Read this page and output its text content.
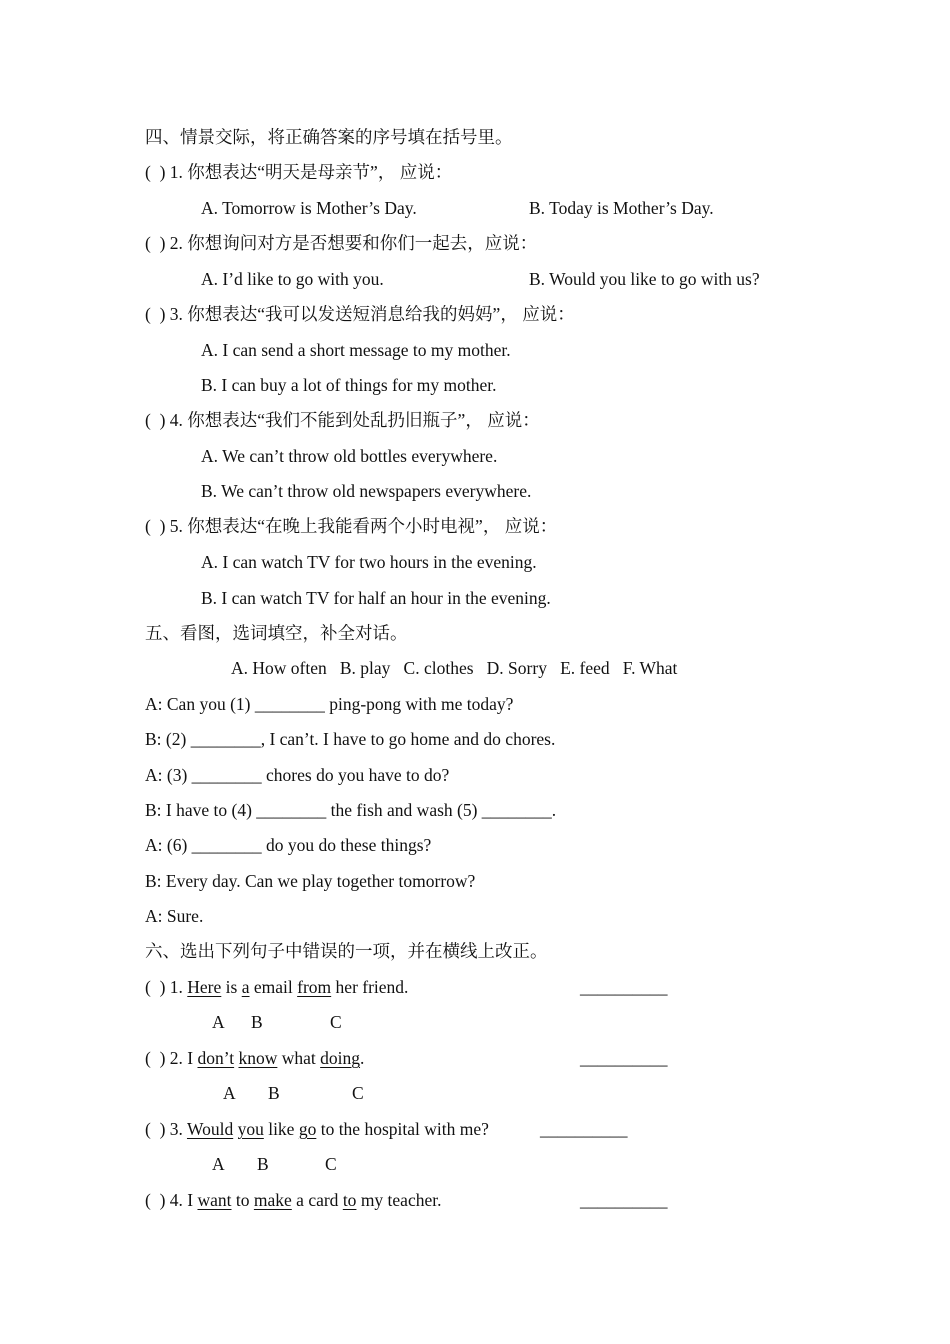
四、情景交际，将正确答案的序号填在括号里。
(  ) 1. 你想表达“明天是母亲节”， 应说：
A. Tomorrow is Mother’s Day.	B. Today is Mother’s Day.
(  ) 2. 你想询问对方是否想要和你们一起去，应说：
A. I’d like to go with you.	B. Would you like to go with us?
(  ) 3. 你想表达“我可以发送短消息给我的妈妈”， 应说：
A. I can send a short message to my mother.
B. I can buy a lot of things for my mother.
(  ) 4. 你想表达“我们不能到处乱扔旧瓶子”， 应说：
A. We can’t throw old bottles everywhere.
B. We can’t throw old newspapers everywhere.
(  ) 5. 你想表达“在晚上我能看两个小时电视”， 应说：
A. I can watch TV for two hours in the evening.
B. I can watch TV for half an hour in the evening.
五、看图，选词填空，补全对话。
A. How often   B. play   C. clothes   D. Sorry   E. feed   F. What
A: Can you (1) ________ ping-pong with me today?
B: (2) ________, I can’t. I have to go home and do chores.
A: (3) ________ chores do you have to do?
B: I have to (4) ________ the fish and wash (5) ________.
A: (6) ________ do you do these things?
B: Every day. Can we play together tomorrow?
A: Sure.
六、选出下列句子中错误的一项，并在横线上改正。
(  ) 1. Here is a email from her friend.	__________
A B	C
(  ) 2. I don’t know what doing.	__________
A B	C
(  ) 3. Would you like go to the hospital with me?	__________
A B	C
(  ) 4. I want to make a card to my teacher.	__________
